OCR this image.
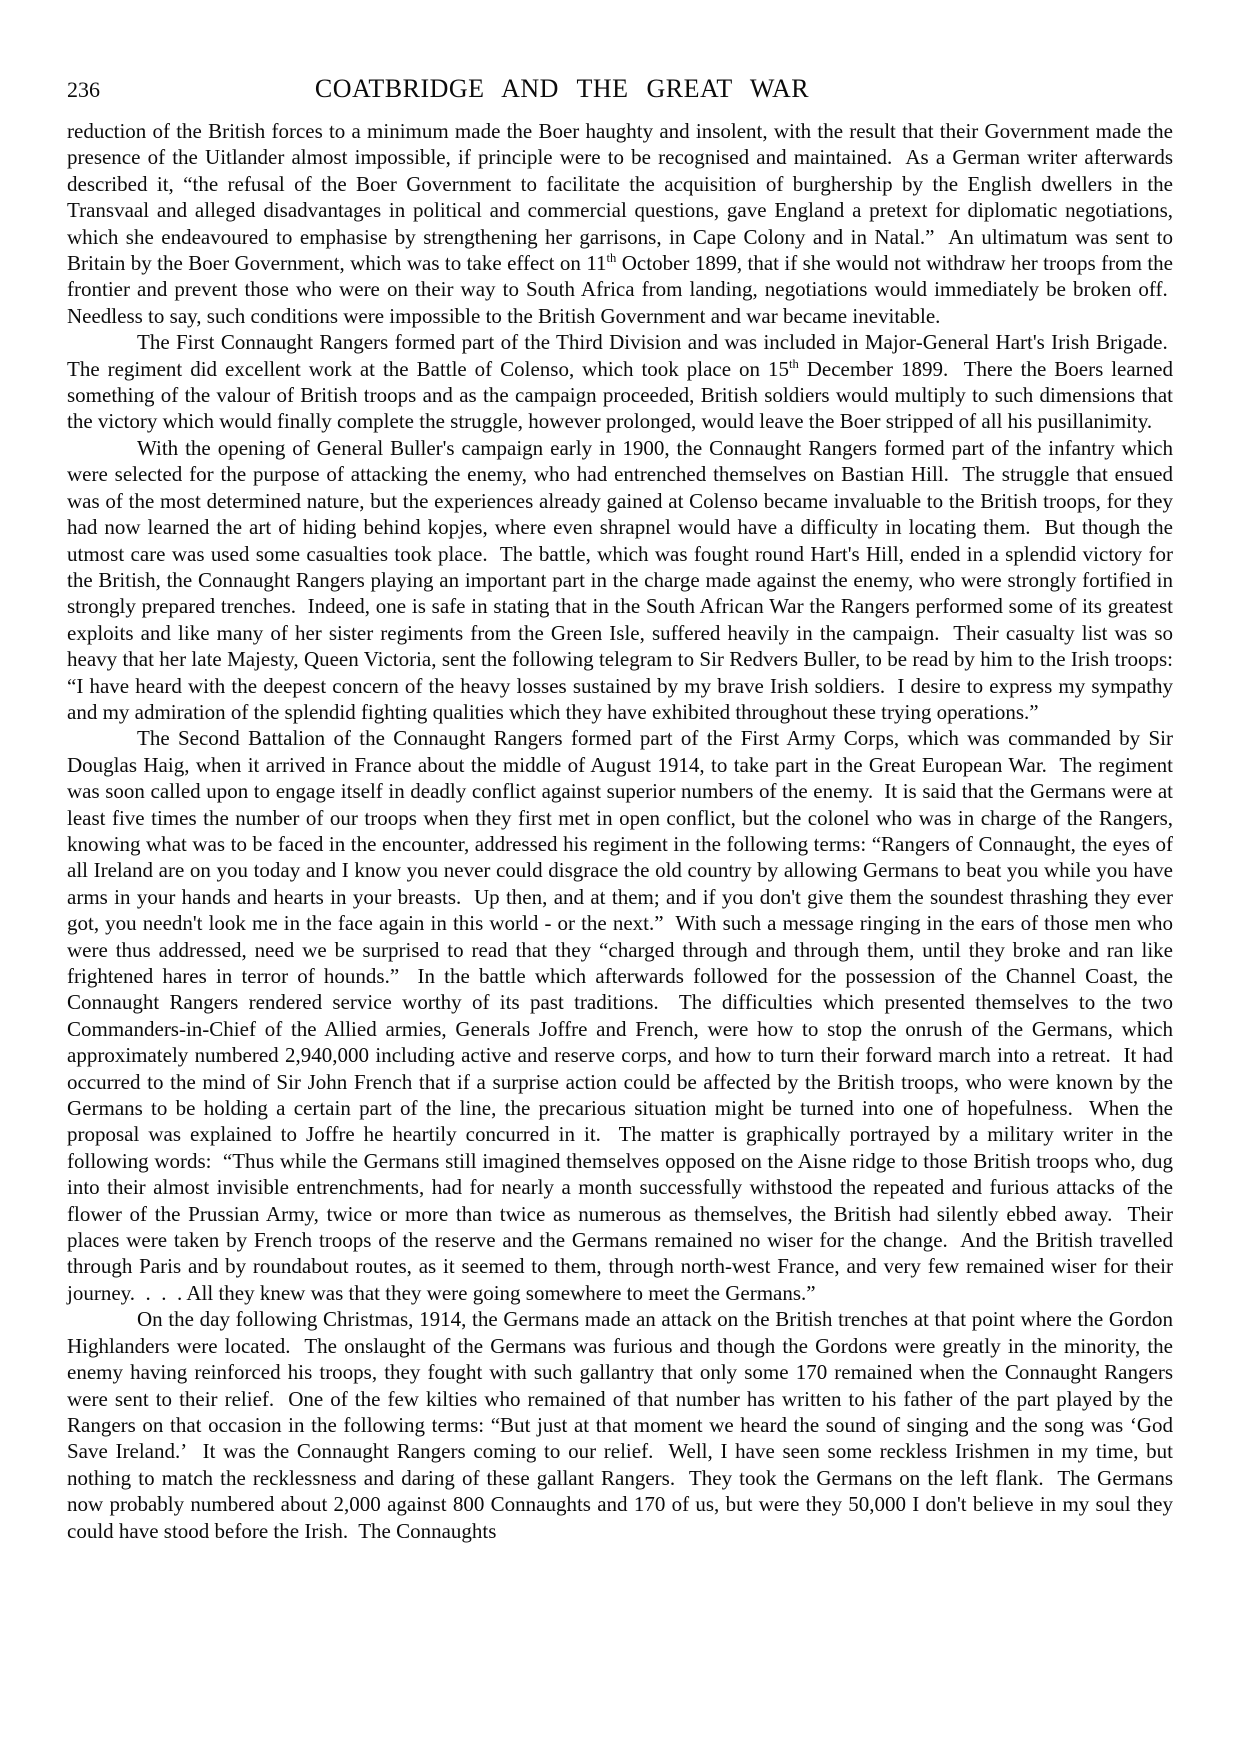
236	COATBRIDGE AND THE GREAT WAR

reduction of the British forces to a minimum made the Boer haughty and insolent, with the result that their Government made the presence of the Uitlander almost impossible, if principle were to be recognised and maintained.  As a German writer afterwards described it, “the refusal of the Boer Government to facilitate the acquisition of burghership by the English dwellers in the Transvaal and alleged disadvantages in political and commercial questions, gave England a pretext for diplomatic negotiations, which she endeavoured to emphasise by strengthening her garrisons, in Cape Colony and in Natal.”  An ultimatum was sent to Britain by the Boer Government, which was to take effect on 11th October 1899, that if she would not withdraw her troops from the frontier and prevent those who were on their way to South Africa from landing, negotiations would immediately be broken off.  Needless to say, such conditions were impossible to the British Government and war became inevitable.

The First Connaught Rangers formed part of the Third Division and was included in Major-General Hart's Irish Brigade.  The regiment did excellent work at the Battle of Colenso, which took place on 15th December 1899.  There the Boers learned something of the valour of British troops and as the campaign proceeded, British soldiers would multiply to such dimensions that the victory which would finally complete the struggle, however prolonged, would leave the Boer stripped of all his pusillanimity.

With the opening of General Buller's campaign early in 1900, the Connaught Rangers formed part of the infantry which were selected for the purpose of attacking the enemy, who had entrenched themselves on Bastian Hill.  The struggle that ensued was of the most determined nature, but the experiences already gained at Colenso became invaluable to the British troops, for they had now learned the art of hiding behind kopjes, where even shrapnel would have a difficulty in locating them.  But though the utmost care was used some casualties took place.  The battle, which was fought round Hart's Hill, ended in a splendid victory for the British, the Connaught Rangers playing an important part in the charge made against the enemy, who were strongly fortified in strongly prepared trenches.  Indeed, one is safe in stating that in the South African War the Rangers performed some of its greatest exploits and like many of her sister regiments from the Green Isle, suffered heavily in the campaign.  Their casualty list was so heavy that her late Majesty, Queen Victoria, sent the following telegram to Sir Redvers Buller, to be read by him to the Irish troops: “I have heard with the deepest concern of the heavy losses sustained by my brave Irish soldiers.  I desire to express my sympathy and my admiration of the splendid fighting qualities which they have exhibited throughout these trying operations.”

The Second Battalion of the Connaught Rangers formed part of the First Army Corps, which was commanded by Sir Douglas Haig, when it arrived in France about the middle of August 1914, to take part in the Great European War.  The regiment was soon called upon to engage itself in deadly conflict against superior numbers of the enemy.  It is said that the Germans were at least five times the number of our troops when they first met in open conflict, but the colonel who was in charge of the Rangers, knowing what was to be faced in the encounter, addressed his regiment in the following terms: “Rangers of Connaught, the eyes of all Ireland are on you today and I know you never could disgrace the old country by allowing Germans to beat you while you have arms in your hands and hearts in your breasts.  Up then, and at them; and if you don't give them the soundest thrashing they ever got, you needn't look me in the face again in this world - or the next.”  With such a message ringing in the ears of those men who were thus addressed, need we be surprised to read that they “charged through and through them, until they broke and ran like frightened hares in terror of hounds.”  In the battle which afterwards followed for the possession of the Channel Coast, the Connaught Rangers rendered service worthy of its past traditions.  The difficulties which presented themselves to the two Commanders-in-Chief of the Allied armies, Generals Joffre and French, were how to stop the onrush of the Germans, which approximately numbered 2,940,000 including active and reserve corps, and how to turn their forward march into a retreat.  It had occurred to the mind of Sir John French that if a surprise action could be affected by the British troops, who were known by the Germans to be holding a certain part of the line, the precarious situation might be turned into one of hopefulness.  When the proposal was explained to Joffre he heartily concurred in it.  The matter is graphically portrayed by a military writer in the following words:  “Thus while the Germans still imagined themselves opposed on the Aisne ridge to those British troops who, dug into their almost invisible entrenchments, had for nearly a month successfully withstood the repeated and furious attacks of the flower of the Prussian Army, twice or more than twice as numerous as themselves, the British had silently ebbed away.  Their places were taken by French troops of the reserve and the Germans remained no wiser for the change.  And the British travelled through Paris and by roundabout routes, as it seemed to them, through north-west France, and very few remained wiser for their journey.  .  .  . All they knew was that they were going somewhere to meet the Germans.”

On the day following Christmas, 1914, the Germans made an attack on the British trenches at that point where the Gordon Highlanders were located.  The onslaught of the Germans was furious and though the Gordons were greatly in the minority, the enemy having reinforced his troops, they fought with such gallantry that only some 170 remained when the Connaught Rangers were sent to their relief.  One of the few kilties who remained of that number has written to his father of the part played by the Rangers on that occasion in the following terms: “But just at that moment we heard the sound of singing and the song was ‘God Save Ireland.’  It was the Connaught Rangers coming to our relief.  Well, I have seen some reckless Irishmen in my time, but nothing to match the recklessness and daring of these gallant Rangers.  They took the Germans on the left flank.  The Germans now probably numbered about 2,000 against 800 Connaughts and 170 of us, but were they 50,000 I don't believe in my soul they could have stood before the Irish.  The Connaughts
